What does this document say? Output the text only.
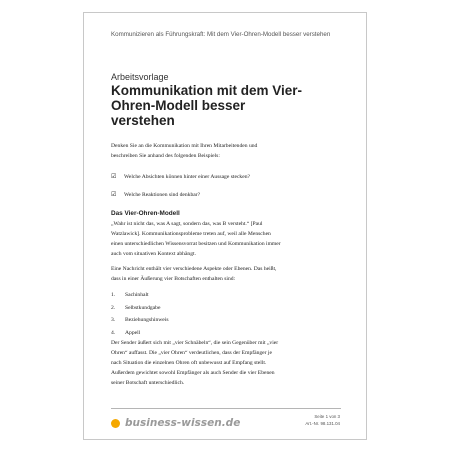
Kommunizieren als Führungskraft: Mit dem Vier-Ohren-Modell besser verstehen
Arbeitsvorlage
Kommunikation mit dem Vier-
Ohren-Modell besser
verstehen
Denken Sie an die Kommunikation mit Ihren Mitarbeitenden und
beschreiben Sie anhand des folgenden Beispiels:
☑ Welche Absichten können hinter einer Aussage stecken?
☑ Welche Reaktionen sind denkbar?
Das Vier-Ohren-Modell
„Wahr ist nicht das, was A sagt, sondern das, was B versteht.“ [Paul
Watzlawick]. Kommunikationsprobleme treten auf, weil alle Menschen
einen unterschiedlichen Wissensvorrat besitzen und Kommunikation immer
auch vom situativen Kontext abhängt.
Eine Nachricht enthält vier verschiedene Aspekte oder Ebenen. Das heißt,
dass in einer Äußerung vier Botschaften enthalten sind:
1. Sachinhalt
2. Selbstkundgabe
3. Beziehungshinweis
4. Appell
Der Sender äußert sich mit „vier Schnäbeln“, die sein Gegenüber mit „vier
Ohren“ auffasst. Die „vier Ohren“ verdeutlichen, dass der Empfänger je
nach Situation die einzelnen Ohren oft unbewusst auf Empfang stellt.
Außerdem gewichtet sowohl Empfänger als auch Sender die vier Ebenen
seiner Botschaft unterschiedlich.
business-wissen.de
Seite 1 von 3
Art.-Nr. 98.131.04
